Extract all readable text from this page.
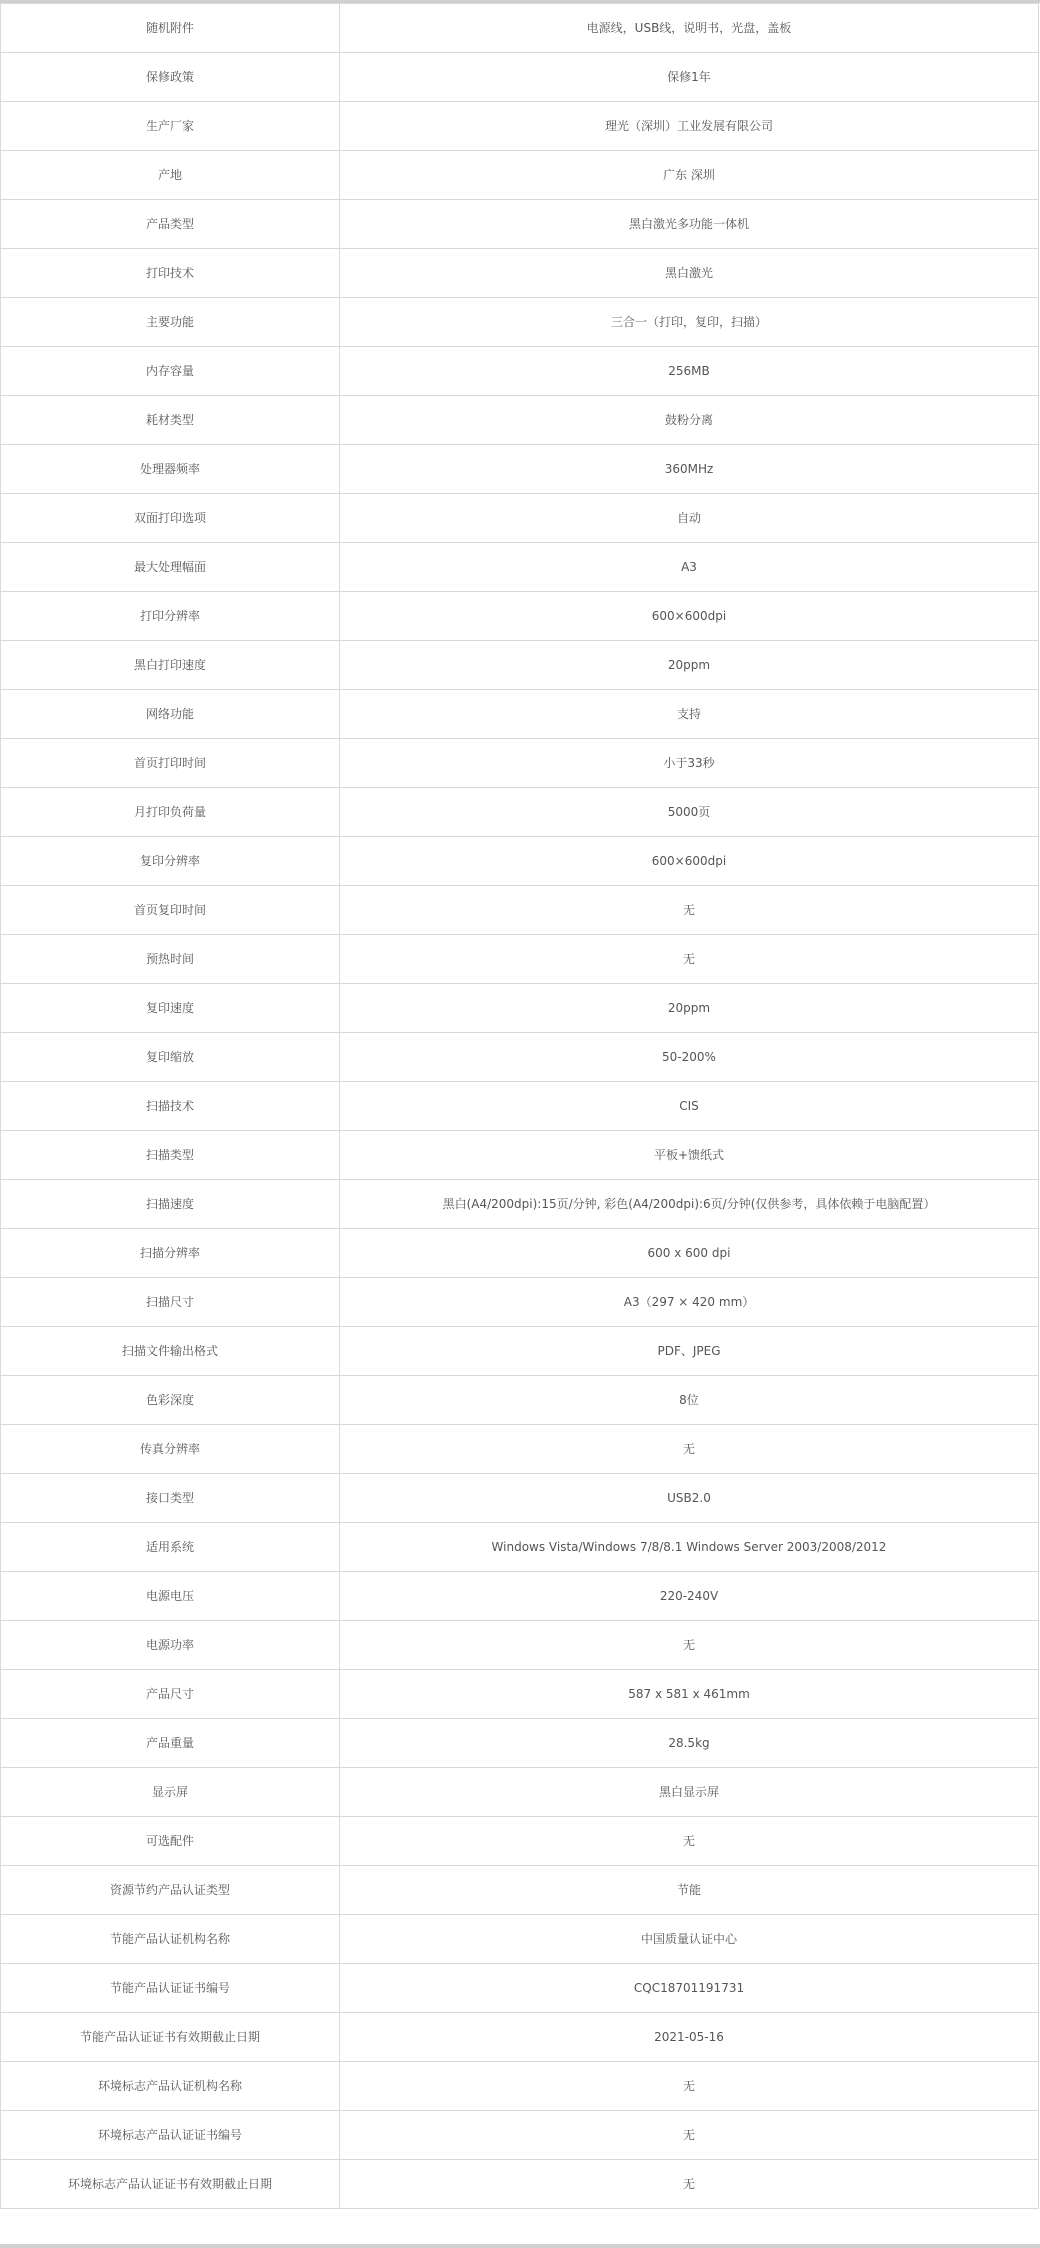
随机附件	电源线，USB线，说明书，光盘，盖板
保修政策	保修1年
生产厂家	理光（深圳）工业发展有限公司
产地	广东 深圳
产品类型	黑白激光多功能一体机
打印技术	黑白激光
主要功能	三合一（打印，复印，扫描）
内存容量	256MB
耗材类型	鼓粉分离
处理器频率	360MHz
双面打印选项	自动
最大处理幅面	A3
打印分辨率	600×600dpi
黑白打印速度	20ppm
网络功能	支持
首页打印时间	小于33秒
月打印负荷量	5000页
复印分辨率	600×600dpi
首页复印时间	无
预热时间	无
复印速度	20ppm
复印缩放	50-200%
扫描技术	CIS
扫描类型	平板+馈纸式
扫描速度	黑白(A4/200dpi):15页/分钟, 彩色(A4/200dpi):6页/分钟(仅供参考，具体依赖于电脑配置）
扫描分辨率	600 x 600 dpi
扫描尺寸	A3（297 × 420 mm）
扫描文件输出格式	PDF、JPEG
色彩深度	8位
传真分辨率	无
接口类型	USB2.0
适用系统	Windows Vista/Windows 7/8/8.1 Windows Server 2003/2008/2012
电源电压	220-240V
电源功率	无
产品尺寸	587 x 581 x 461mm
产品重量	28.5kg
显示屏	黑白显示屏
可选配件	无
资源节约产品认证类型	节能
节能产品认证机构名称	中国质量认证中心
节能产品认证证书编号	CQC18701191731
节能产品认证证书有效期截止日期	2021-05-16
环境标志产品认证机构名称	无
环境标志产品认证证书编号	无
环境标志产品认证证书有效期截止日期	无
